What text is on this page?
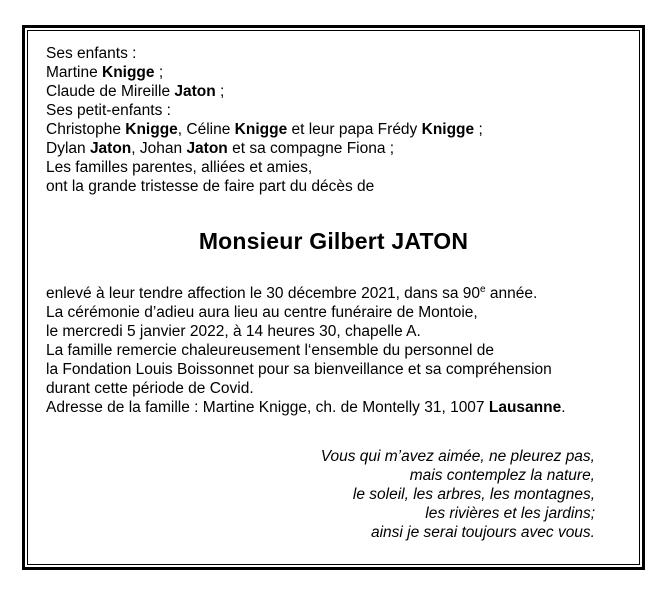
Ses enfants :
Martine Knigge ;
Claude de Mireille Jaton ;
Ses petit-enfants :
Christophe Knigge, Céline Knigge et leur papa Frédy Knigge ;
Dylan Jaton, Johan Jaton et sa compagne Fiona ;
Les familles parentes, alliées et amies,
ont la grande tristesse de faire part du décès de
Monsieur Gilbert JATON
enlevé à leur tendre affection le 30 décembre 2021, dans sa 90e année.
La cérémonie d’adieu aura lieu au centre funéraire de Montoie,
le mercredi 5 janvier 2022, à 14 heures 30, chapelle A.
La famille remercie chaleureusement l‘ensemble du personnel de
la Fondation Louis Boissonnet pour sa bienveillance et sa compréhension
durant cette période de Covid.
Adresse de la famille : Martine Knigge, ch. de Montelly 31, 1007 Lausanne.
Vous qui m’avez aimée, ne pleurez pas,
mais contemplez la nature,
le soleil, les arbres, les montagnes,
les rivières et les jardins;
ainsi je serai toujours avec vous.
